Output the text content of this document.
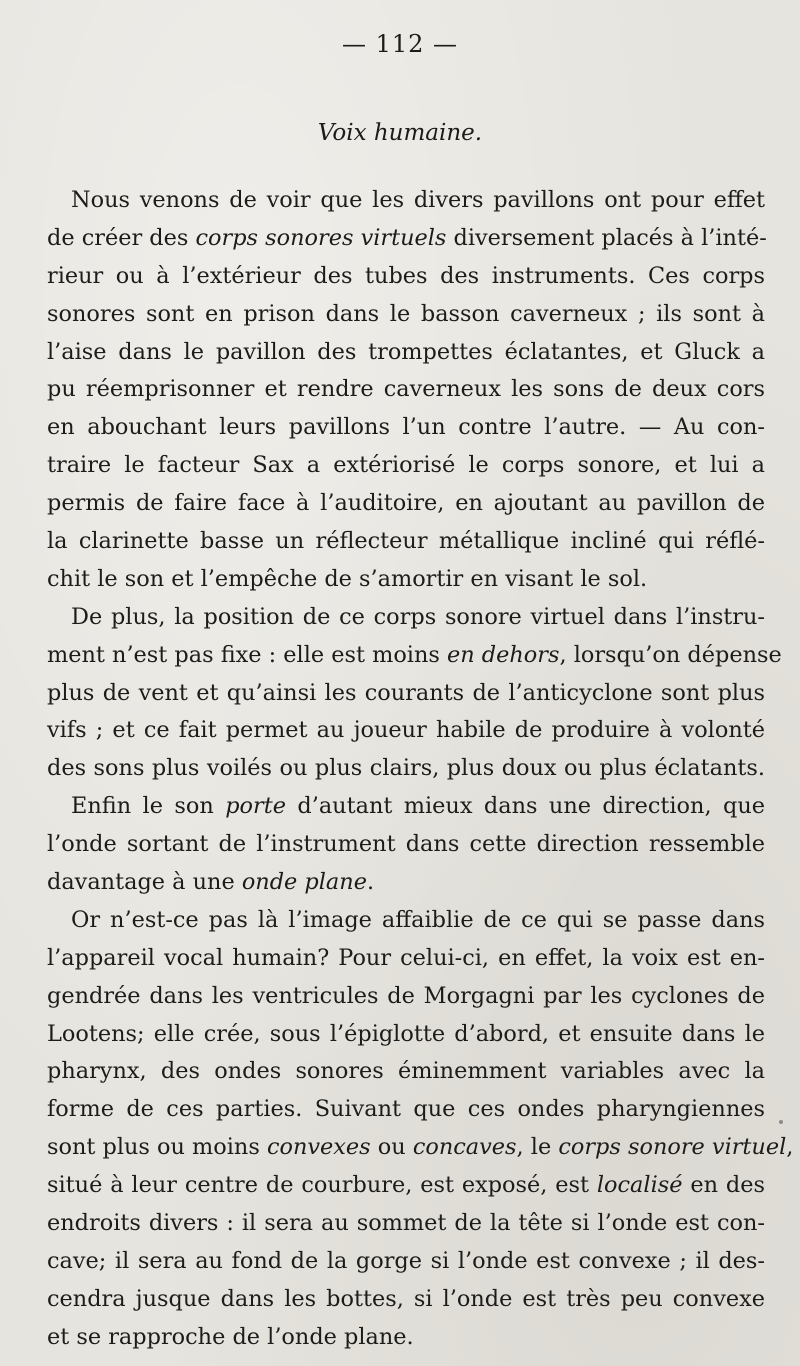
— 112 —
Voix humaine.
Nous venons de voir que les divers pavillons ont pour effet
de créer des corps sonores virtuels diversement placés à l’inté-
rieur ou à l’extérieur des tubes des instruments. Ces corps
sonores sont en prison dans le basson caverneux ; ils sont à
l’aise dans le pavillon des trompettes éclatantes, et Gluck a
pu réemprisonner et rendre caverneux les sons de deux cors
en abouchant leurs pavillons l’un contre l’autre. — Au con-
traire le facteur Sax a extériorisé le corps sonore, et lui a
permis de faire face à l’auditoire, en ajoutant au pavillon de
la clarinette basse un réflecteur métallique incliné qui réflé-
chit le son et l’empêche de s’amortir en visant le sol.
De plus, la position de ce corps sonore virtuel dans l’instru-
ment n’est pas fixe : elle est moins en dehors, lorsqu’on dépense
plus de vent et qu’ainsi les courants de l’anticyclone sont plus
vifs ; et ce fait permet au joueur habile de produire à volonté
des sons plus voilés ou plus clairs, plus doux ou plus éclatants.
Enfin le son porte d’autant mieux dans une direction, que
l’onde sortant de l’instrument dans cette direction ressemble
davantage à une onde plane.
Or n’est-ce pas là l’image affaiblie de ce qui se passe dans
l’appareil vocal humain? Pour celui-ci, en effet, la voix est en-
gendrée dans les ventricules de Morgagni par les cyclones de
Lootens; elle crée, sous l’épiglotte d’abord, et ensuite dans le
pharynx, des ondes sonores éminemment variables avec la
forme de ces parties. Suivant que ces ondes pharyngiennes
sont plus ou moins convexes ou concaves, le corps sonore virtuel,
situé à leur centre de courbure, est exposé, est localisé en des
endroits divers : il sera au sommet de la tête si l’onde est con-
cave; il sera au fond de la gorge si l’onde est convexe ; il des-
cendra jusque dans les bottes, si l’onde est très peu convexe
et se rapproche de l’onde plane.
